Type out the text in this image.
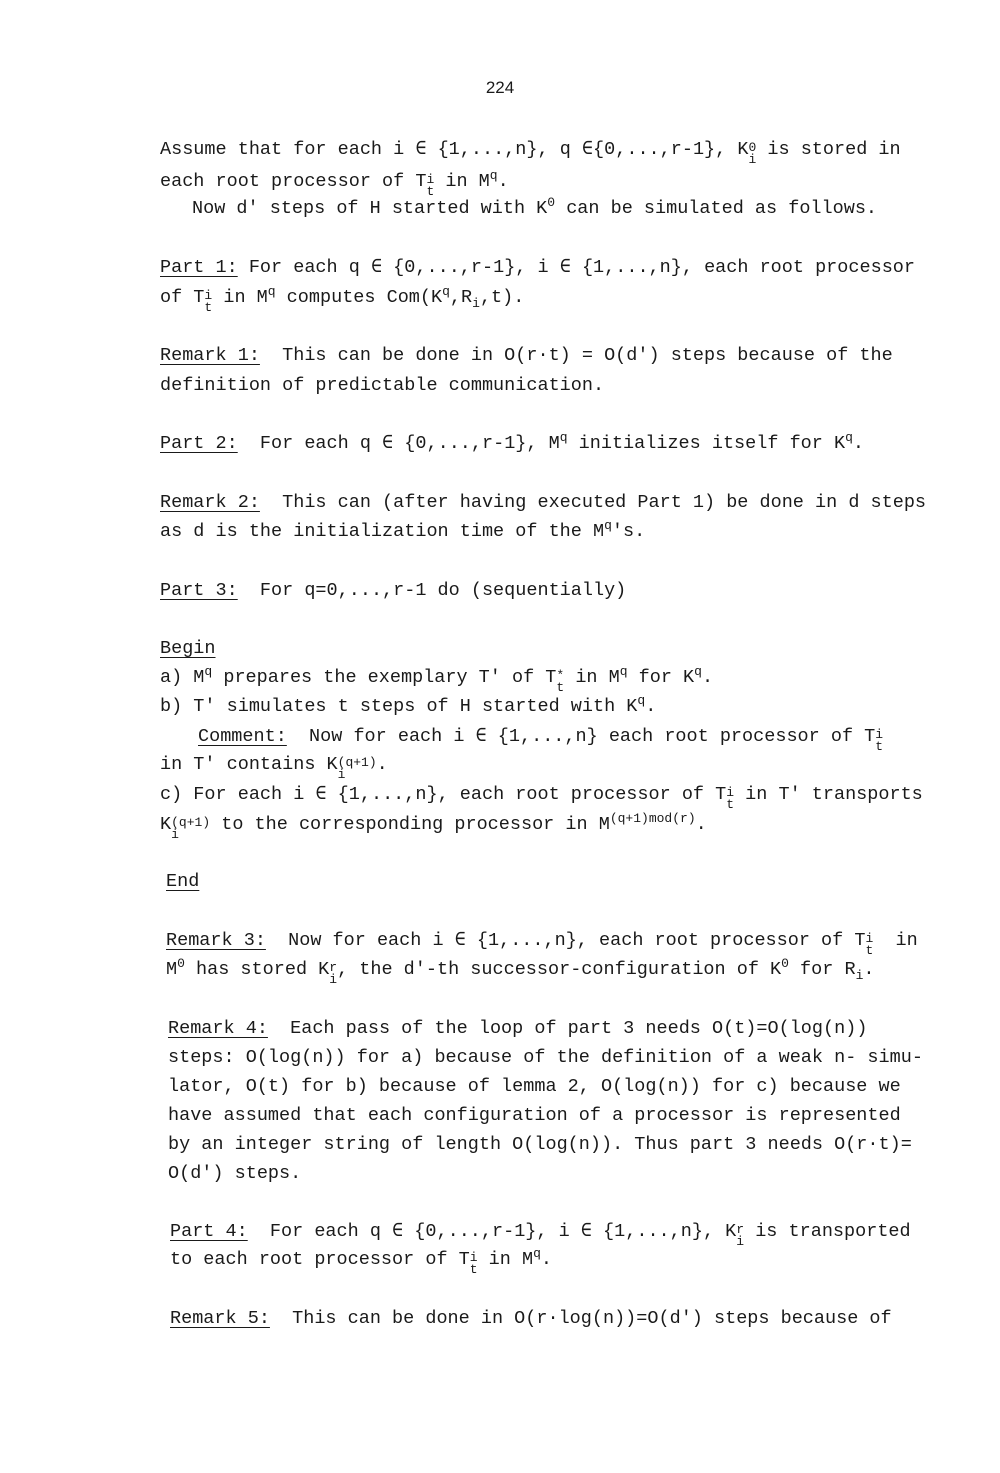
224
Assume that for each i ∈ {1,...,n}, q ∈{0,...,r-1}, K 0
i is stored in
each root processor of T i
t in $M^q$.
Now d' steps of H started with $K^0$ can be simulated as follows.
Part 1: For each q ∈ {0,...,r-1}, i ∈ {1,...,n}, each root processor
of T i
t in $M^q$ computes $Com(K^q,R_i,t)$.
Remark 1:  This can be done in O(r·t) = O(d') steps because of the
definition of predictable communication.
Part 2:  For each q ∈ {0,...,r-1}, $M^q$ initializes itself for $K^q$.
Remark 2:  This can (after having executed Part 1) be done in d steps
as d is the initialization time of the $M^q's$.
Part 3:  For q=0,...,r-1 do (sequentially)
Begin
a) $M^q$ prepares the exemplary T' of T *
t in $M^q$ for $K^q$.
b) T' simulates t steps of H started with $K^q$.
Comment:  Now for each i ∈ {1,...,n} each root processor of T i
t
in T' contains K (q+1)
i	.
c) For each i ∈ {1,...,n}, each root processor of T i
t in T' transports
K (q+1)
i	to the corresponding processor in $M^{(q+1)mod(r)}$.
End
Remark 3:  Now for each i ∈ {1,...,n}, each root processor of T i
t in
$M^0$ has stored K r
i , the d'-th successor-configuration of $K^0$ for $R_i$.
Remark 4:  Each pass of the loop of part 3 needs O(t)=O(log(n))
steps: O(log(n)) for a) because of the definition of a weak n- simu-
lator, O(t) for b) because of lemma 2, O(log(n)) for c) because we
have assumed that each configuration of a processor is represented
by an integer string of length O(log(n)). Thus part 3 needs O(r·t)=
O(d') steps.
Part 4:  For each q ∈ {0,...,r-1}, i ∈ {1,...,n}, K r
i is transported
to each root processor of T i
t in $M^q$.
Remark 5:  This can be done in O(r·log(n))=O(d') steps because of
